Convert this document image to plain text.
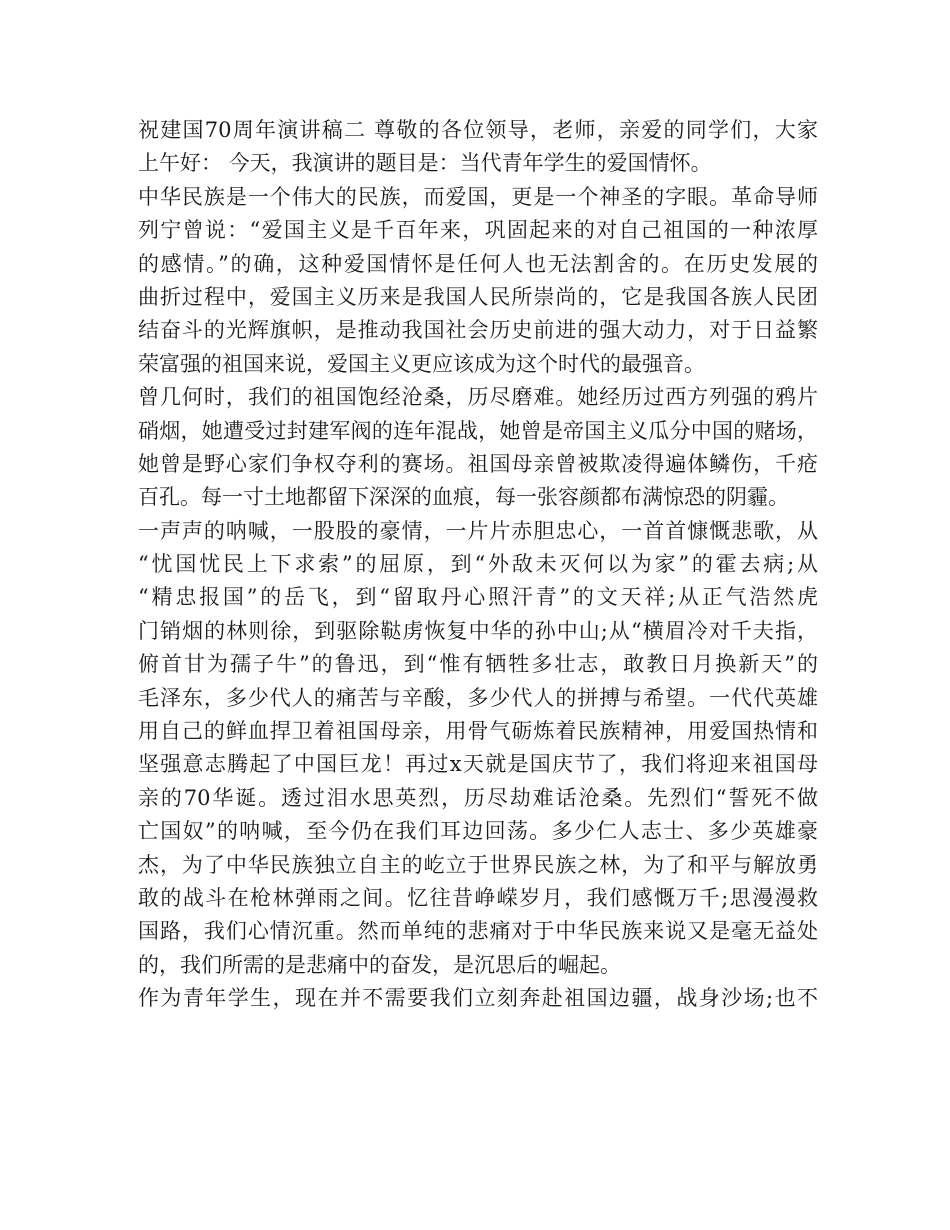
祝建国70周年演讲稿二 尊敬的各位领导，老师，亲爱的同学们，大家
上午好： 今天，我演讲的题目是：当代青年学生的爱国情怀。
中华民族是一个伟大的民族，而爱国，更是一个神圣的字眼。革命导师
列宁曾说：“爱国主义是千百年来，巩固起来的对自己祖国的一种浓厚
的感情。”的确，这种爱国情怀是任何人也无法割舍的。在历史发展的
曲折过程中，爱国主义历来是我国人民所崇尚的，它是我国各族人民团
结奋斗的光辉旗帜，是推动我国社会历史前进的强大动力，对于日益繁
荣富强的祖国来说，爱国主义更应该成为这个时代的最强音。
曾几何时，我们的祖国饱经沧桑，历尽磨难。她经历过西方列强的鸦片
硝烟，她遭受过封建军阀的连年混战，她曾是帝国主义瓜分中国的赌场，
她曾是野心家们争权夺利的赛场。祖国母亲曾被欺凌得遍体鳞伤，千疮
百孔。每一寸土地都留下深深的血痕，每一张容颜都布满惊恐的阴霾。
一声声的呐喊，一股股的豪情，一片片赤胆忠心，一首首慷慨悲歌，从
“忧国忧民上下求索”的屈原，到“外敌未灭何以为家”的霍去病;从
“精忠报国”的岳飞，到“留取丹心照汗青”的文天祥;从正气浩然虎
门销烟的林则徐，到驱除鞑虏恢复中华的孙中山;从“横眉冷对千夫指，
俯首甘为孺子牛”的鲁迅，到“惟有牺牲多壮志，敢教日月换新天”的
毛泽东，多少代人的痛苦与辛酸，多少代人的拼搏与希望。一代代英雄
用自己的鲜血捍卫着祖国母亲，用骨气砺炼着民族精神，用爱国热情和
坚强意志腾起了中国巨龙！再过x天就是国庆节了，我们将迎来祖国母
亲的70华诞。透过泪水思英烈，历尽劫难话沧桑。先烈们“誓死不做
亡国奴”的呐喊，至今仍在我们耳边回荡。多少仁人志士、多少英雄豪
杰，为了中华民族独立自主的屹立于世界民族之林，为了和平与解放勇
敢的战斗在枪林弹雨之间。忆往昔峥嵘岁月，我们感慨万千;思漫漫救
国路，我们心情沉重。然而单纯的悲痛对于中华民族来说又是毫无益处
的，我们所需的是悲痛中的奋发，是沉思后的崛起。
作为青年学生，现在并不需要我们立刻奔赴祖国边疆，战身沙场;也不
